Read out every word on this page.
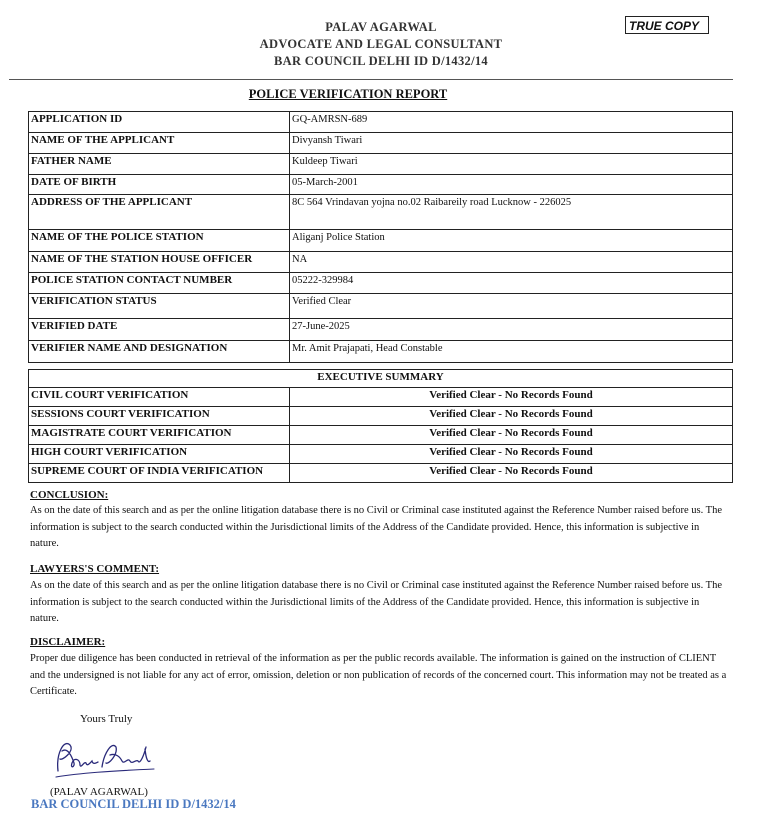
TRUE COPY
PALAV AGARWAL
ADVOCATE AND LEGAL CONSULTANT
BAR COUNCIL DELHI ID D/1432/14
POLICE VERIFICATION REPORT
APPLICATION ID	GQ-AMRSN-689
NAME OF THE APPLICANT	Divyansh Tiwari
FATHER NAME	Kuldeep Tiwari
DATE OF BIRTH	05-March-2001
ADDRESS OF THE APPLICANT	8C 564 Vrindavan yojna no.02 Raibareily road Lucknow - 226025
NAME OF THE POLICE STATION	Aliganj Police Station
NAME OF THE STATION HOUSE OFFICER	NA
POLICE STATION CONTACT NUMBER	05222-329984
VERIFICATION STATUS	Verified Clear
VERIFIED DATE	27-June-2025
VERIFIER NAME AND DESIGNATION	Mr. Amit Prajapati, Head Constable
EXECUTIVE SUMMARY	
CIVIL COURT VERIFICATION	Verified Clear - No Records Found
SESSIONS COURT VERIFICATION	Verified Clear - No Records Found
MAGISTRATE COURT VERIFICATION	Verified Clear - No Records Found
HIGH COURT VERIFICATION	Verified Clear - No Records Found
SUPREME COURT OF INDIA VERIFICATION	Verified Clear - No Records Found
CONCLUSION:
As on the date of this search and as per the online litigation database there is no Civil or Criminal case instituted against the Reference Number raised before us. The information is subject to the search conducted within the Jurisdictional limits of the Address of the Candidate provided. Hence, this information is subjective in nature.
LAWYERS'S COMMENT:
As on the date of this search and as per the online litigation database there is no Civil or Criminal case instituted against the Reference Number raised before us. The information is subject to the search conducted within the Jurisdictional limits of the Address of the Candidate provided. Hence, this information is subjective in nature.
DISCLAIMER:
Proper due diligence has been conducted in retrieval of the information as per the public records available. The information is gained on the instruction of CLIENT and the undersigned is not liable for any act of error, omission, deletion or non publication of records of the concerned court. This information may not be treated as a Certificate.
Yours Truly
(PALAV AGARWAL)
BAR COUNCIL DELHI ID D/1432/14
